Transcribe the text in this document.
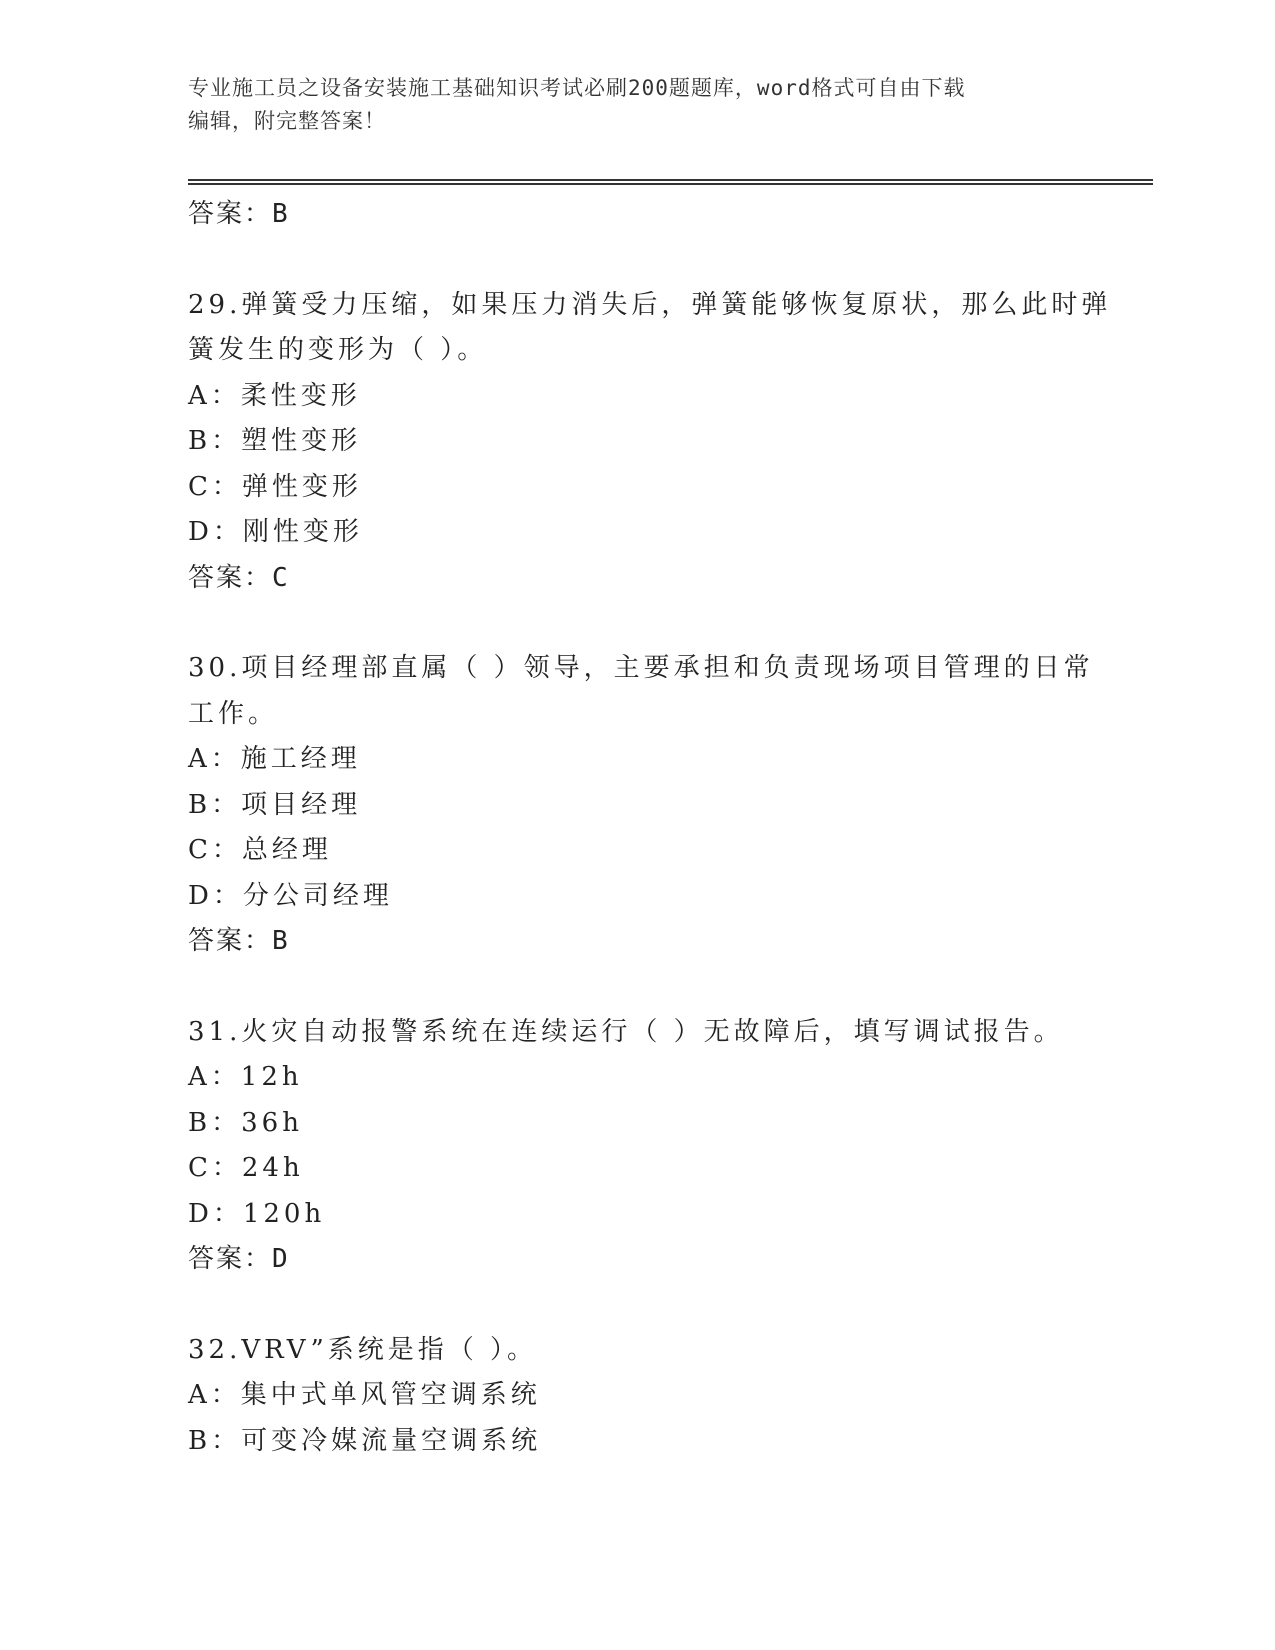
专业施工员之设备安装施工基础知识考试必刷200题题库，word格式可自由下载
编辑，附完整答案！
答案：B
29.弹簧受力压缩，如果压力消失后，弹簧能够恢复原状，那么此时弹
簧发生的变形为（ ）。
A：柔性变形
B：塑性变形
C：弹性变形
D：刚性变形
答案：C
30.项目经理部直属（ ）领导，主要承担和负责现场项目管理的日常
工作。
A：施工经理
B：项目经理
C：总经理
D：分公司经理
答案：B
31.火灾自动报警系统在连续运行（ ）无故障后，填写调试报告。
A：12h
B：36h
C：24h
D：120h
答案：D
32.VRV”系统是指（ ）。
A：集中式单风管空调系统
B：可变冷媒流量空调系统
